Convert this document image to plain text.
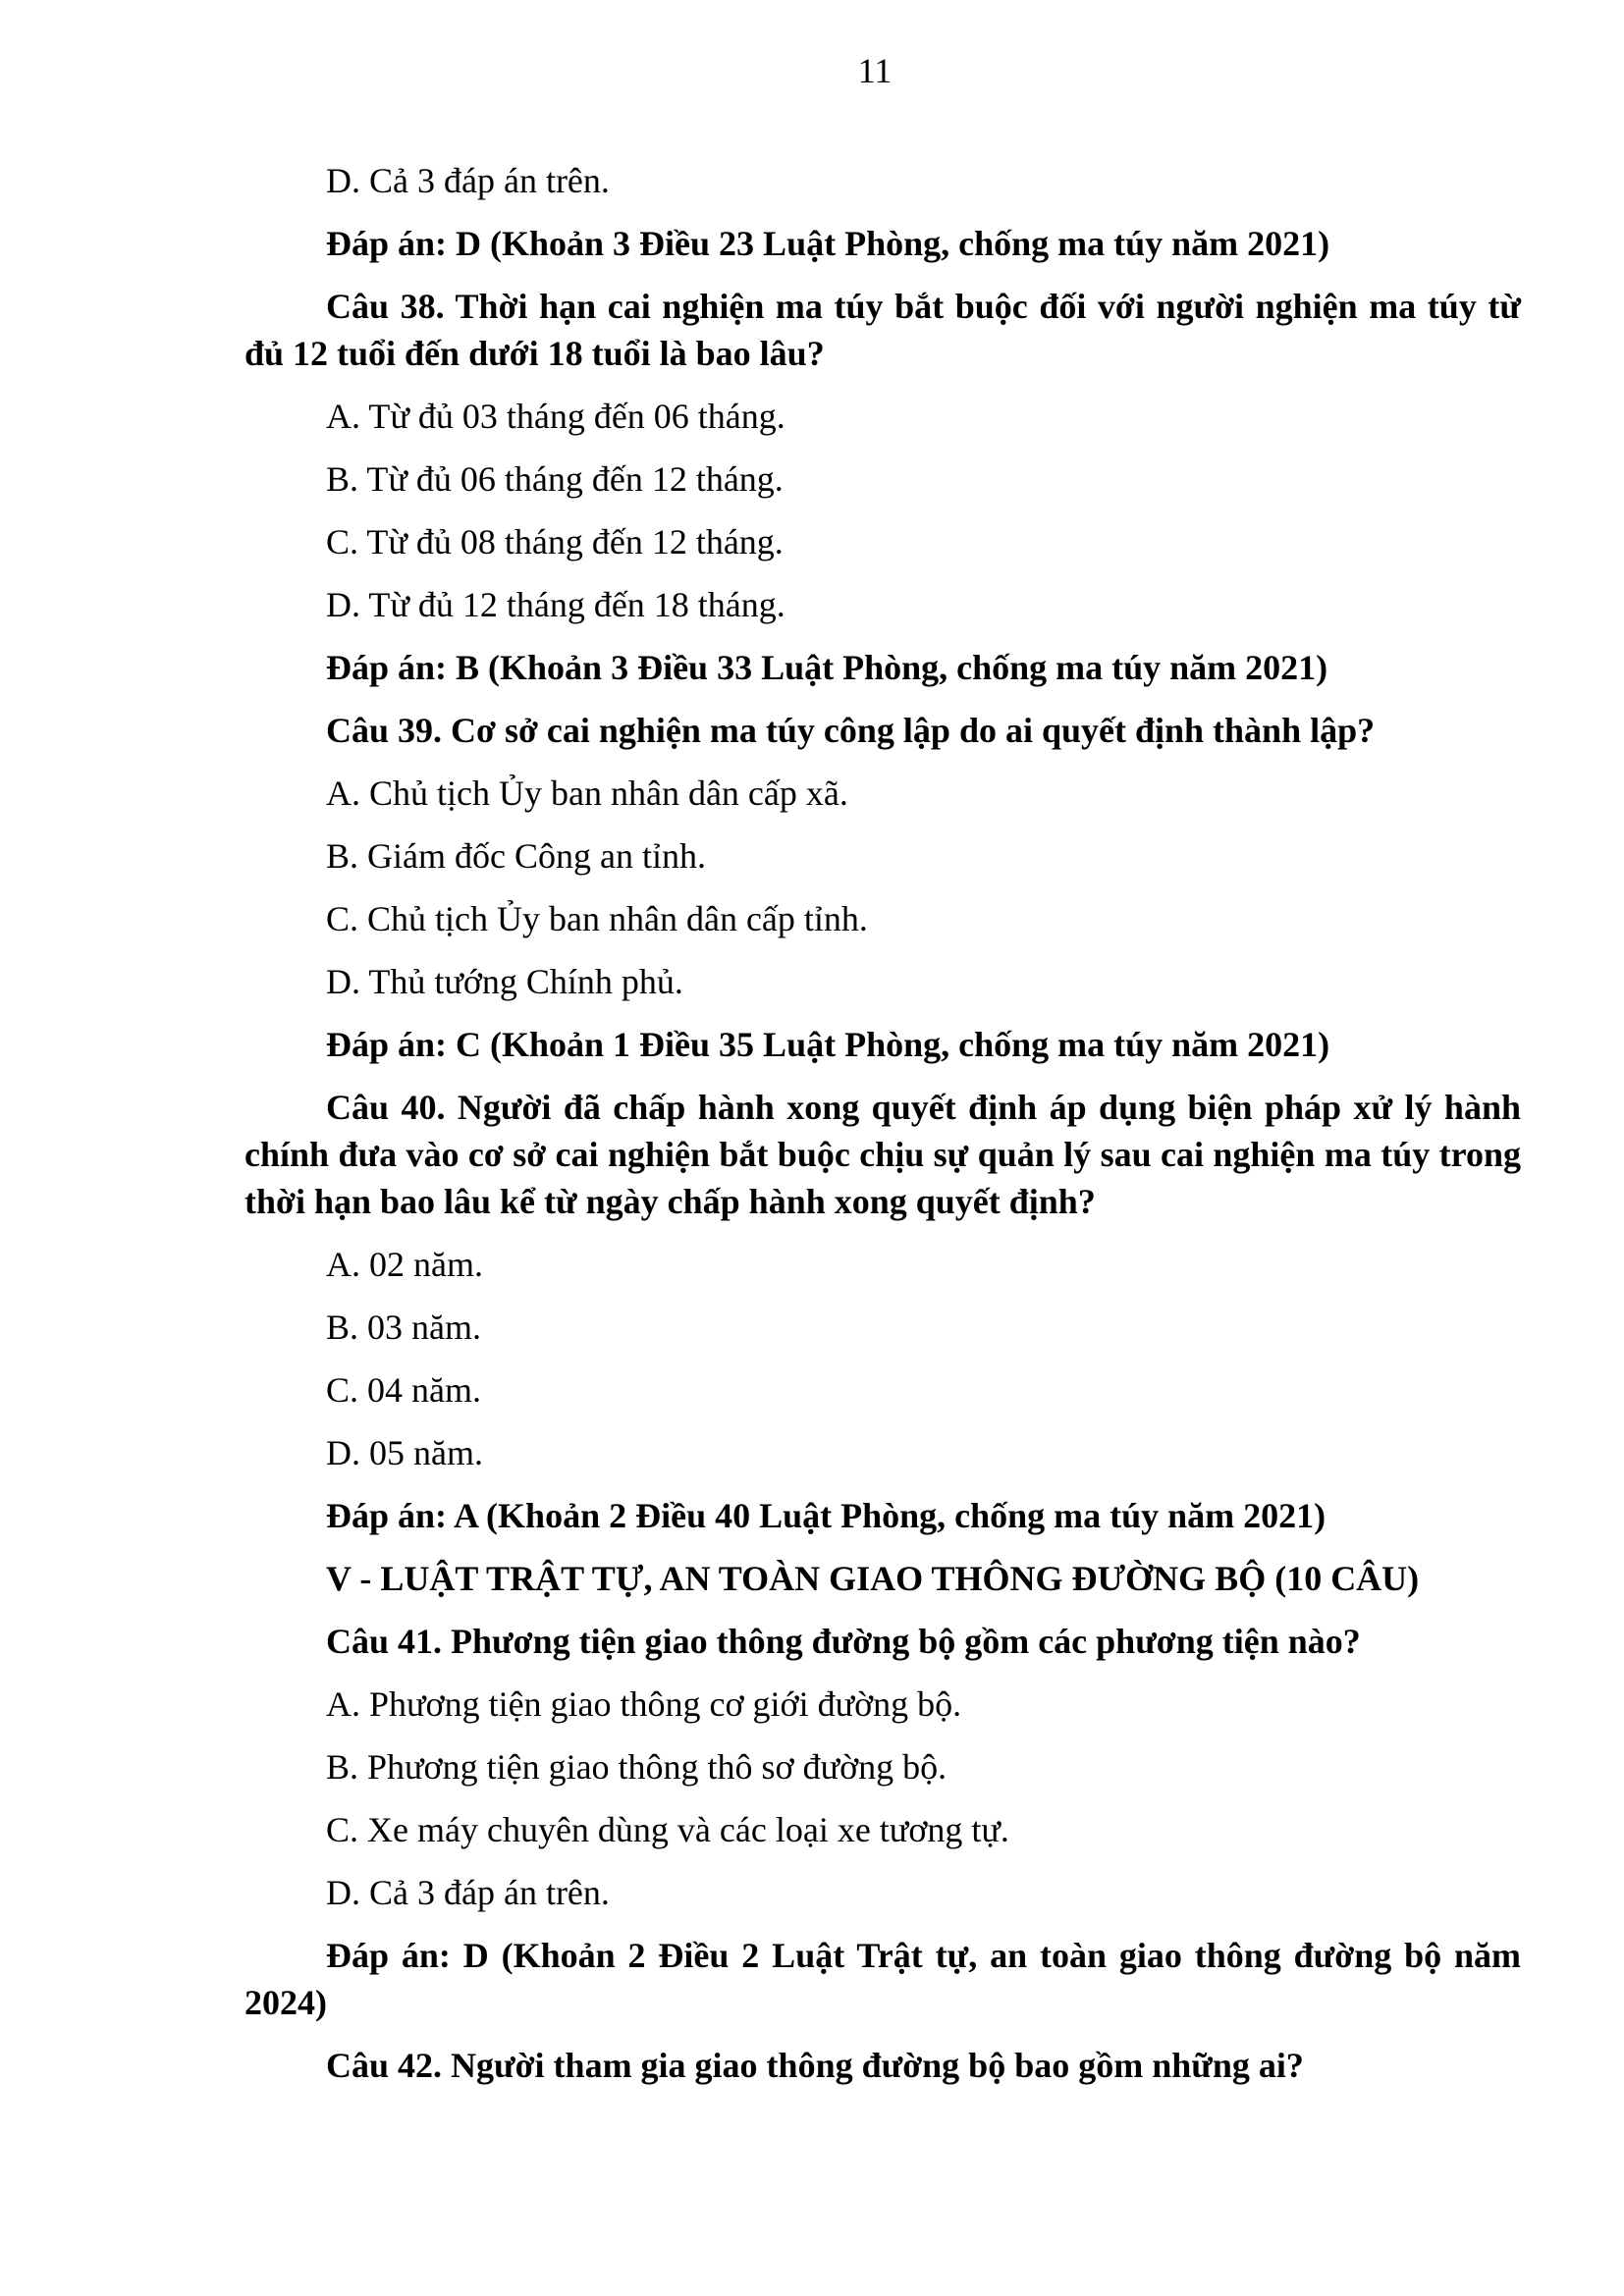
11
D. Cả 3 đáp án trên.
Đáp án: D (Khoản 3 Điều 23 Luật Phòng, chống ma túy năm 2021)
Câu 38. Thời hạn cai nghiện ma túy bắt buộc đối với người nghiện ma túy từ đủ 12 tuổi đến dưới 18 tuổi là bao lâu?
A. Từ đủ 03 tháng đến 06 tháng.
B. Từ đủ 06 tháng đến 12 tháng.
C. Từ đủ 08 tháng đến 12 tháng.
D. Từ đủ 12 tháng đến 18 tháng.
Đáp án: B (Khoản 3 Điều 33 Luật Phòng, chống ma túy năm 2021)
Câu 39. Cơ sở cai nghiện ma túy công lập do ai quyết định thành lập?
A. Chủ tịch Ủy ban nhân dân cấp xã.
B. Giám đốc Công an tỉnh.
C. Chủ tịch Ủy ban nhân dân cấp tỉnh.
D. Thủ tướng Chính phủ.
Đáp án: C (Khoản 1 Điều 35 Luật Phòng, chống ma túy năm 2021)
Câu 40. Người đã chấp hành xong quyết định áp dụng biện pháp xử lý hành chính đưa vào cơ sở cai nghiện bắt buộc chịu sự quản lý sau cai nghiện ma túy trong thời hạn bao lâu kể từ ngày chấp hành xong quyết định?
A. 02 năm.
B. 03 năm.
C. 04 năm.
D. 05 năm.
Đáp án: A (Khoản 2 Điều 40 Luật Phòng, chống ma túy năm 2021)
V - LUẬT TRẬT TỰ, AN TOÀN GIAO THÔNG ĐƯỜNG BỘ (10 CÂU)
Câu 41. Phương tiện giao thông đường bộ gồm các phương tiện nào?
A. Phương tiện giao thông cơ giới đường bộ.
B. Phương tiện giao thông thô sơ đường bộ.
C. Xe máy chuyên dùng và các loại xe tương tự.
D. Cả 3 đáp án trên.
Đáp án: D (Khoản 2 Điều 2 Luật Trật tự, an toàn giao thông đường bộ năm 2024)
Câu 42. Người tham gia giao thông đường bộ bao gồm những ai?
